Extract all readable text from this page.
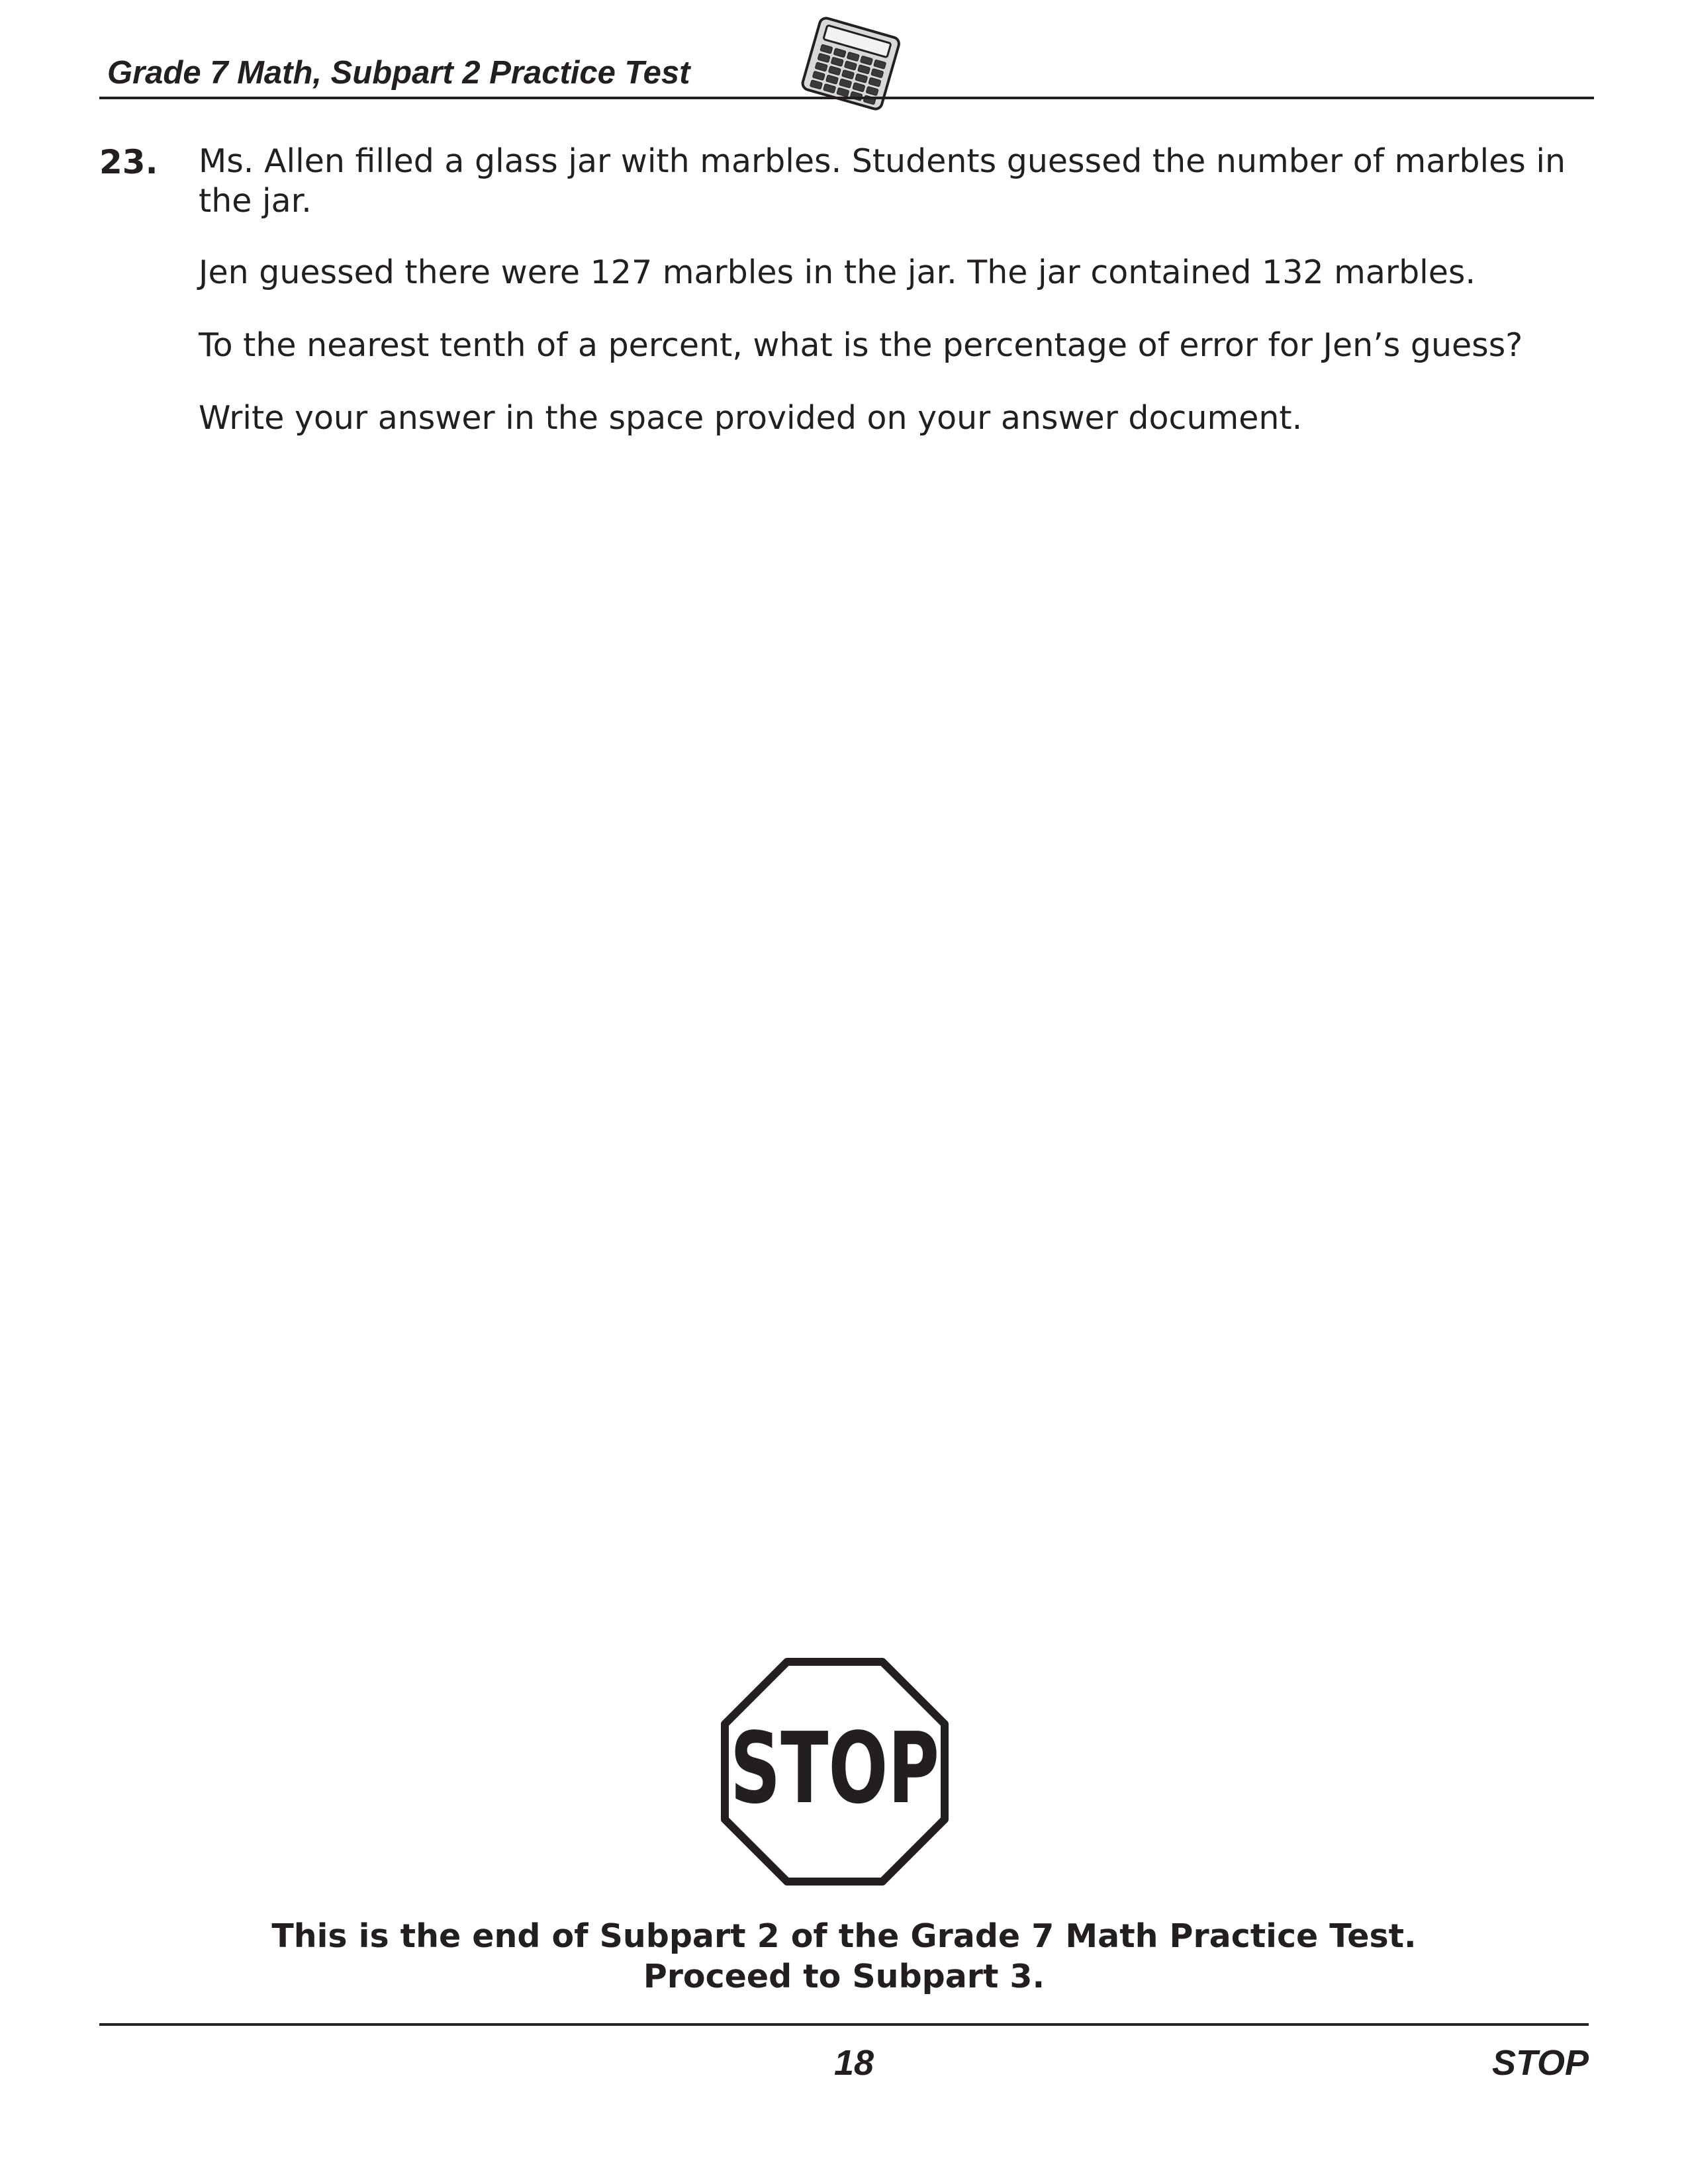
Grade 7 Math, Subpart 2 Practice Test
23. Ms. Allen filled a glass jar with marbles. Students guessed the number of marbles in the jar.

Jen guessed there were 127 marbles in the jar. The jar contained 132 marbles.

To the nearest tenth of a percent, what is the percentage of error for Jen’s guess?

Write your answer in the space provided on your answer document.

STOP
This is the end of Subpart 2 of the Grade 7 Math Practice Test.
Proceed to Subpart 3.
18	STOP
